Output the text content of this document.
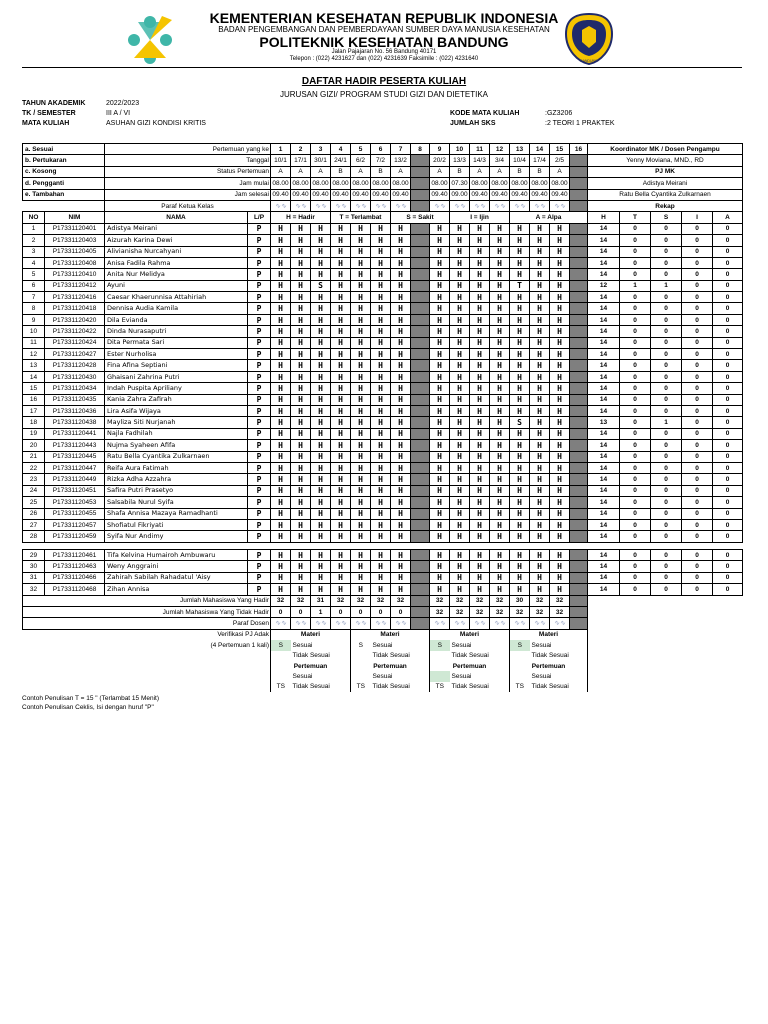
BANDUNG
KEMENTERIAN KESEHATAN REPUBLIK INDONESIA
BADAN PENGEMBANGAN DAN PEMBERDAYAAN SUMBER DAYA MANUSIA KESEHATAN
POLITEKNIK KESEHATAN BANDUNG
Jalan Pajajaran No. 56 Bandung 40171
Telepon : (022) 4231627 dan (022) 4231639 Faksimile : (022) 4231640
DAFTAR HADIR PESERTA KULIAH
JURUSAN GIZI/ PROGRAM STUDI GIZI DAN DIETETIKA
TAHUN AKADEMIK	2022/2023
TK / SEMESTER	III A / VI
MATA KULIAH	ASUHAN GIZI KONDISI KRITIS
KODE MATA KULIAH	:GZ3206
JUMLAH SKS	:2 TEORI 1 PRAKTEK
a. Sesuai		Pertemuan yang ke		1	2	3	4	5	6	7	8	9	10	11	12	13	14	15	16	Koordinator MK / Dosen Pengampu				
b. Pertukaran		Tanggal		10/1	17/1	30/1	24/1	6/2	7/2	13/2		20/2	13/3	14/3	3/4	10/4	17/4	2/5		Yenny Moviana, MND., RD				
c. Kosong		Status Pertemuan		A	A	A	B	A	B	A		A	B	A	A	B	B	A		PJ MK				
d. Pengganti		Jam mulai		08.00	08.00	08.00	08.00	08.00	08.00	08.00		08.00	07.30	08.00	08.00	08.00	08.00	08.00		Adistya Meirani				
e. Tambahan		Jam selesai		09.40	09.40	09.40	09.40	09.40	09.40	09.40		09.40	09.00	09.40	09.40	09.40	09.40	09.40		Ratu Bella Cyantika Zulkarnaen				
		Paraf Ketua Kelas		∿∿	∿∿	∿∿	∿∿	∿∿	∿∿	∿∿		∿∿	∿∿	∿∿	∿∿	∿∿	∿∿	∿∿		Rekap				
NO	NIM	NAMA	L/P	H = Hadir			T = Terlambat			S = Sakit			I = Ijin			A = Alpa				H	T	S	I	A
1	P17331120401	Adistya Meirani	P	H	H	H	H	H	H	H		H	H	H	H	H	H	H		14	0	0	0	0
2	P17331120403	Aizurah Karina Dewi	P	H	H	H	H	H	H	H		H	H	H	H	H	H	H		14	0	0	0	0
3	P17331120405	Alivianisha Nurcahyani	P	H	H	H	H	H	H	H		H	H	H	H	H	H	H		14	0	0	0	0
4	P17331120408	Anisa Fadila Rahma	P	H	H	H	H	H	H	H		H	H	H	H	H	H	H		14	0	0	0	0
5	P17331120410	Anita Nur Melidya	P	H	H	H	H	H	H	H		H	H	H	H	H	H	H		14	0	0	0	0
6	P17331120412	Ayuni	P	H	H	S	H	H	H	H		H	H	H	H	T	H	H		12	1	1	0	0
7	P17331120416	Caesar Khaerunnisa Attahiriah	P	H	H	H	H	H	H	H		H	H	H	H	H	H	H		14	0	0	0	0
8	P17331120418	Dennisa Audia Kamila	P	H	H	H	H	H	H	H		H	H	H	H	H	H	H		14	0	0	0	0
9	P17331120420	Dila Evianda	P	H	H	H	H	H	H	H		H	H	H	H	H	H	H		14	0	0	0	0
10	P17331120422	Dinda Nurasaputri	P	H	H	H	H	H	H	H		H	H	H	H	H	H	H		14	0	0	0	0
11	P17331120424	Dita Permata Sari	P	H	H	H	H	H	H	H		H	H	H	H	H	H	H		14	0	0	0	0
12	P17331120427	Ester Nurholisa	P	H	H	H	H	H	H	H		H	H	H	H	H	H	H		14	0	0	0	0
13	P17331120428	Fina Afina Septiani	P	H	H	H	H	H	H	H		H	H	H	H	H	H	H		14	0	0	0	0
14	P17331120430	Ghaisani Zahrina Putri	P	H	H	H	H	H	H	H		H	H	H	H	H	H	H		14	0	0	0	0
15	P17331120434	Indah Puspita Apriliany	P	H	H	H	H	H	H	H		H	H	H	H	H	H	H		14	0	0	0	0
16	P17331120435	Kania Zahra Zafirah	P	H	H	H	H	H	H	H		H	H	H	H	H	H	H		14	0	0	0	0
17	P17331120436	Lira Asifa Wijaya	P	H	H	H	H	H	H	H		H	H	H	H	H	H	H		14	0	0	0	0
18	P17331120438	Mayliza Siti Nurjanah	P	H	H	H	H	H	H	H		H	H	H	H	S	H	H		13	0	1	0	0
19	P17331120441	Najla Fadhilah	P	H	H	H	H	H	H	H		H	H	H	H	H	H	H		14	0	0	0	0
20	P17331120443	Nujma Syaheen Afifa	P	H	H	H	H	H	H	H		H	H	H	H	H	H	H		14	0	0	0	0
21	P17331120445	Ratu Bella Cyantika Zulkarnaen	P	H	H	H	H	H	H	H		H	H	H	H	H	H	H		14	0	0	0	0
22	P17331120447	Reifa Aura Fatimah	P	H	H	H	H	H	H	H		H	H	H	H	H	H	H		14	0	0	0	0
23	P17331120449	Rizka Adha Azzahra	P	H	H	H	H	H	H	H		H	H	H	H	H	H	H		14	0	0	0	0
24	P17331120451	Safira Putri Prasetyo	P	H	H	H	H	H	H	H		H	H	H	H	H	H	H		14	0	0	0	0
25	P17331120453	Salsabila Nurul Syifa	P	H	H	H	H	H	H	H		H	H	H	H	H	H	H		14	0	0	0	0
26	P17331120455	Shafa Annisa Mazaya Ramadhanti	P	H	H	H	H	H	H	H		H	H	H	H	H	H	H		14	0	0	0	0
27	P17331120457	Shofiatul Fikriyati	P	H	H	H	H	H	H	H		H	H	H	H	H	H	H		14	0	0	0	0
28	P17331120459	Syifa Nur Andimy	P	H	H	H	H	H	H	H		H	H	H	H	H	H	H		14	0	0	0	0
29	P17331120461	Tifa Kelvina Humairoh Ambuwaru	P	H	H	H	H	H	H	H		H	H	H	H	H	H	H		14	0	0	0	0
30	P17331120463	Weny Anggraini	P	H	H	H	H	H	H	H		H	H	H	H	H	H	H		14	0	0	0	0
31	P17331120466	Zahirah Sabilah Rahadatul 'Aisy	P	H	H	H	H	H	H	H		H	H	H	H	H	H	H		14	0	0	0	0
32	P17331120468	Zihan Annisa	P	H	H	H	H	H	H	H		H	H	H	H	H	H	H		14	0	0	0	0
Jumlah Mahasiswa Yang Hadir				32	32	31	32	32	32	32		32	32	32	32	30	32	32						
Jumlah Mahasiswa Yang Tidak Hadir				0	0	1	0	0	0	0		32	32	32	32	32	32	32						
Paraf Dosen				∿∿	∿∿	∿∿	∿∿	∿∿	∿∿	∿∿		∿∿	∿∿	∿∿	∿∿	∿∿	∿∿	∿∿						
Verifikasi PJ Adak				Materi				Materi				Materi				Materi								
(4 Pertemuan 1 kali)				S	Sesuai			S	Sesuai			S	Sesuai			S	Sesuai							
					Tidak Sesuai				Tidak Sesuai				Tidak Sesuai				Tidak Sesuai							
				Pertemuan				Pertemuan				Pertemuan				Pertemuan								
					Sesuai				Sesuai				Sesuai				Sesuai							
				TS	Tidak Sesuai			TS	Tidak Sesuai			TS	Tidak Sesuai			TS	Tidak Sesuai							
Contoh Penulisan T = 15 " (Terlambat 15 Menit)
Contoh Penulisan Ceklis, Isi dengan huruf "P"
